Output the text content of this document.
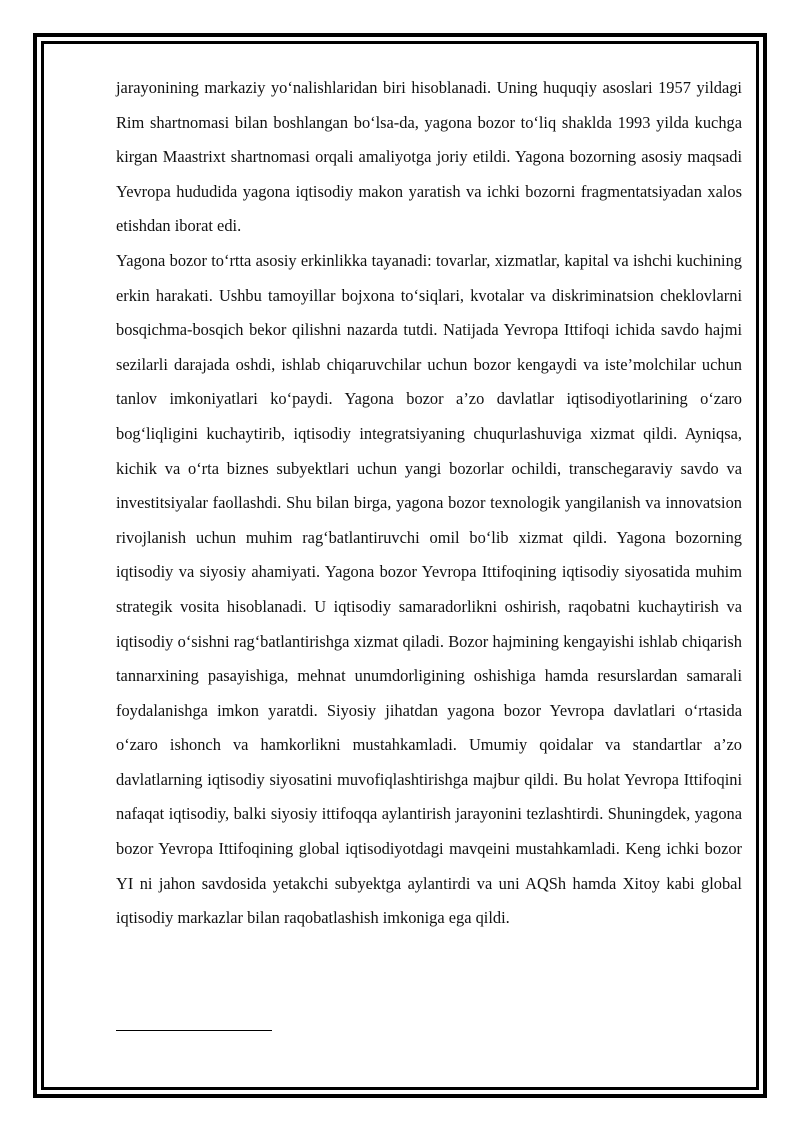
jarayonining markaziy yo‘nalishlaridan biri hisoblanadi. Uning huquqiy asoslari 1957 yildagi Rim shartnomasi bilan boshlangan bo‘lsa-da, yagona bozor to‘liq shaklda 1993 yilda kuchga kirgan Maastrixt shartnomasi orqali amaliyotga joriy etildi. Yagona bozorning asosiy maqsadi Yevropa hududida yagona iqtisodiy makon yaratish va ichki bozorni fragmentatsiyadan xalos etishdan iborat edi.

Yagona bozor to‘rtta asosiy erkinlikka tayanadi: tovarlar, xizmatlar, kapital va ishchi kuchining erkin harakati. Ushbu tamoyillar bojxona to‘siqlari, kvotalar va diskriminatsion cheklovlarni bosqichma-bosqich bekor qilishni nazarda tutdi. Natijada Yevropa Ittifoqi ichida savdo hajmi sezilarli darajada oshdi, ishlab chiqaruvchilar uchun bozor kengaydi va iste’molchilar uchun tanlov imkoniyatlari ko‘paydi. Yagona bozor a’zo davlatlar iqtisodiyotlarining o‘zaro bog‘liqligini kuchaytirib, iqtisodiy integratsiyaning chuqurlashuviga xizmat qildi. Ayniqsa, kichik va o‘rta biznes subyektlari uchun yangi bozorlar ochildi, transchegaraviy savdo va investitsiyalar faollashdi. Shu bilan birga, yagona bozor texnologik yangilanish va innovatsion rivojlanish uchun muhim rag‘batlantiruvchi omil bo‘lib xizmat qildi. Yagona bozorning iqtisodiy va siyosiy ahamiyati. Yagona bozor Yevropa Ittifoqining iqtisodiy siyosatida muhim strategik vosita hisoblanadi. U iqtisodiy samaradorlikni oshirish, raqobatni kuchaytirish va iqtisodiy o‘sishni rag‘batlantirishga xizmat qiladi. Bozor hajmining kengayishi ishlab chiqarish tannarxining pasayishiga, mehnat unumdorligining oshishiga hamda resurslardan samarali foydalanishga imkon yaratdi. Siyosiy jihatdan yagona bozor Yevropa davlatlari o‘rtasida o‘zaro ishonch va hamkorlikni mustahkamladi. Umumiy qoidalar va standartlar a’zo davlatlarning iqtisodiy siyosatini muvofiqlashtirishga majbur qildi. Bu holat Yevropa Ittifoqini nafaqat iqtisodiy, balki siyosiy ittifoqqa aylantirish jarayonini tezlashtirdi. Shuningdek, yagona bozor Yevropa Ittifoqining global iqtisodiyotdagi mavqeini mustahkamladi. Keng ichki bozor YI ni jahon savdosida yetakchi subyektga aylantirdi va uni AQSh hamda Xitoy kabi global iqtisodiy markazlar bilan raqobatlashish imkoniga ega qildi.
